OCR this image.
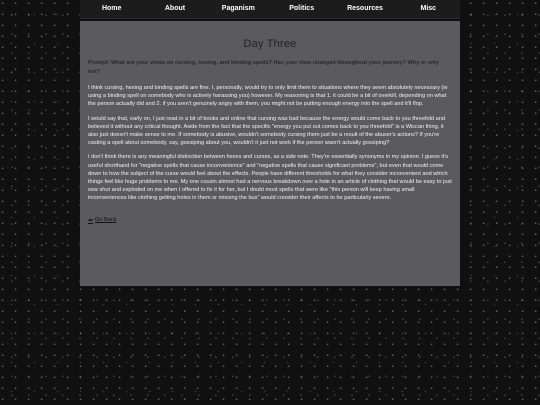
Home	About	Paganism	Politics	Resources	Misc
Day Three

Prompt: What are your views on cursing, hexing, and binding spells? Has your view changed throughout your journey? Why or why not?

I think cursing, hexing and binding spells are fine. I, personally, would try to only limit them to situations where they seem absolutely necessary (ie using a binding spell on somebody who is actively harassing you) however. My reasoning is that 1. it could be a bit of overkill, depending on what the person actually did and 2. if you aren't genuinely angry with them, you might not be putting enough energy into the spell and it'll flop.

I would say that, early on, I just read in a bit of books and online that cursing was bad because the energy would come back to you threefold and believed it without any critical thought. Aside from the fact that the specific "energy you put out comes back to you threefold" is a Wiccan thing, it also just doesn't make sense to me. If somebody is abusive, wouldn't somebody cursing them just be a result of the abuser's actions? If you're casting a spell about somebody, say, gossiping about you, wouldn't it just not work if the person wasn't actually gossiping?

I don't think there is any meaningful distinction between hexes and curses, as a side note. They're essentially synonyms in my opinion. I guess it's useful shorthand for "negative spells that cause inconvenience" and "negative spells that cause significant problems", but even that would come down to how the subject of the curse would feel about the effects. People have different thresholds for what they consider inconvenient and which things feel like huge problems to me. My one cousin almost had a nervous breakdown over a hole in an article of clothing that would be easy to just sew shut and exploded on me when I offered to fix it for her, but I doubt most spells that were like "this person will keep having small inconveniences like clothing getting holes in them or missing the bus" would consider their affects to be particularly severe.

⬅ Go Back
